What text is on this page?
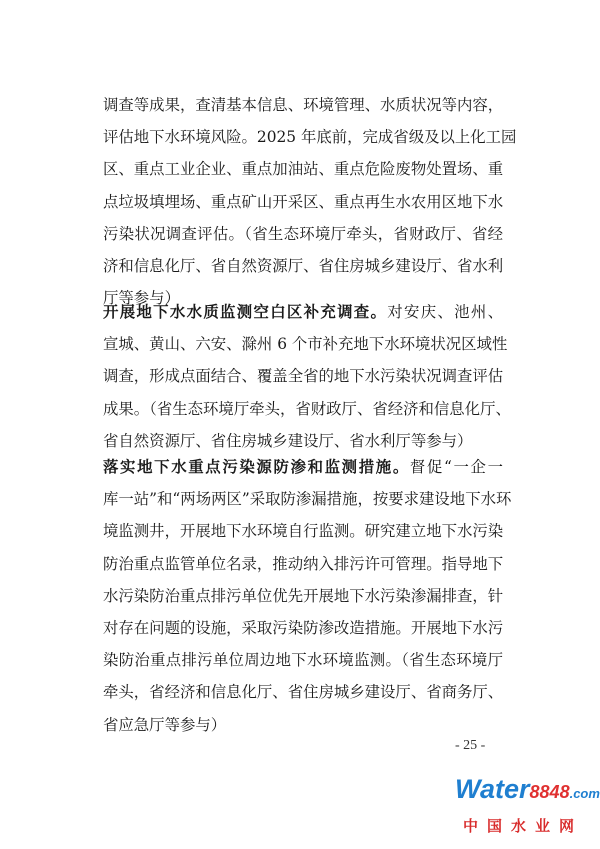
调查等成果，查清基本信息、环境管理、水质状况等内容，
评估地下水环境风险。2025 年底前，完成省级及以上化工园
区、重点工业企业、重点加油站、重点危险废物处置场、重
点垃圾填埋场、重点矿山开采区、重点再生水农用区地下水
污染状况调查评估。（省生态环境厅牵头，省财政厅、省经
济和信息化厅、省自然资源厅、省住房城乡建设厅、省水利
厅等参与）
开展地下水水质监测空白区补充调查。对安庆、池州、
宣城、黄山、六安、滁州 6 个市补充地下水环境状况区域性
调查，形成点面结合、覆盖全省的地下水污染状况调查评估
成果。（省生态环境厅牵头，省财政厅、省经济和信息化厅、
省自然资源厅、省住房城乡建设厅、省水利厅等参与）
落实地下水重点污染源防渗和监测措施。督促“一企一
库一站”和“两场两区”采取防渗漏措施，按要求建设地下水环
境监测井，开展地下水环境自行监测。研究建立地下水污染
防治重点监管单位名录，推动纳入排污许可管理。指导地下
水污染防治重点排污单位优先开展地下水污染渗漏排查，针
对存在问题的设施，采取污染防渗改造措施。开展地下水污
染防治重点排污单位周边地下水环境监测。（省生态环境厅
牵头，省经济和信息化厅、省住房城乡建设厅、省商务厅、
省应急厅等参与）
- 25 -
Water8848.com
中国水业网
